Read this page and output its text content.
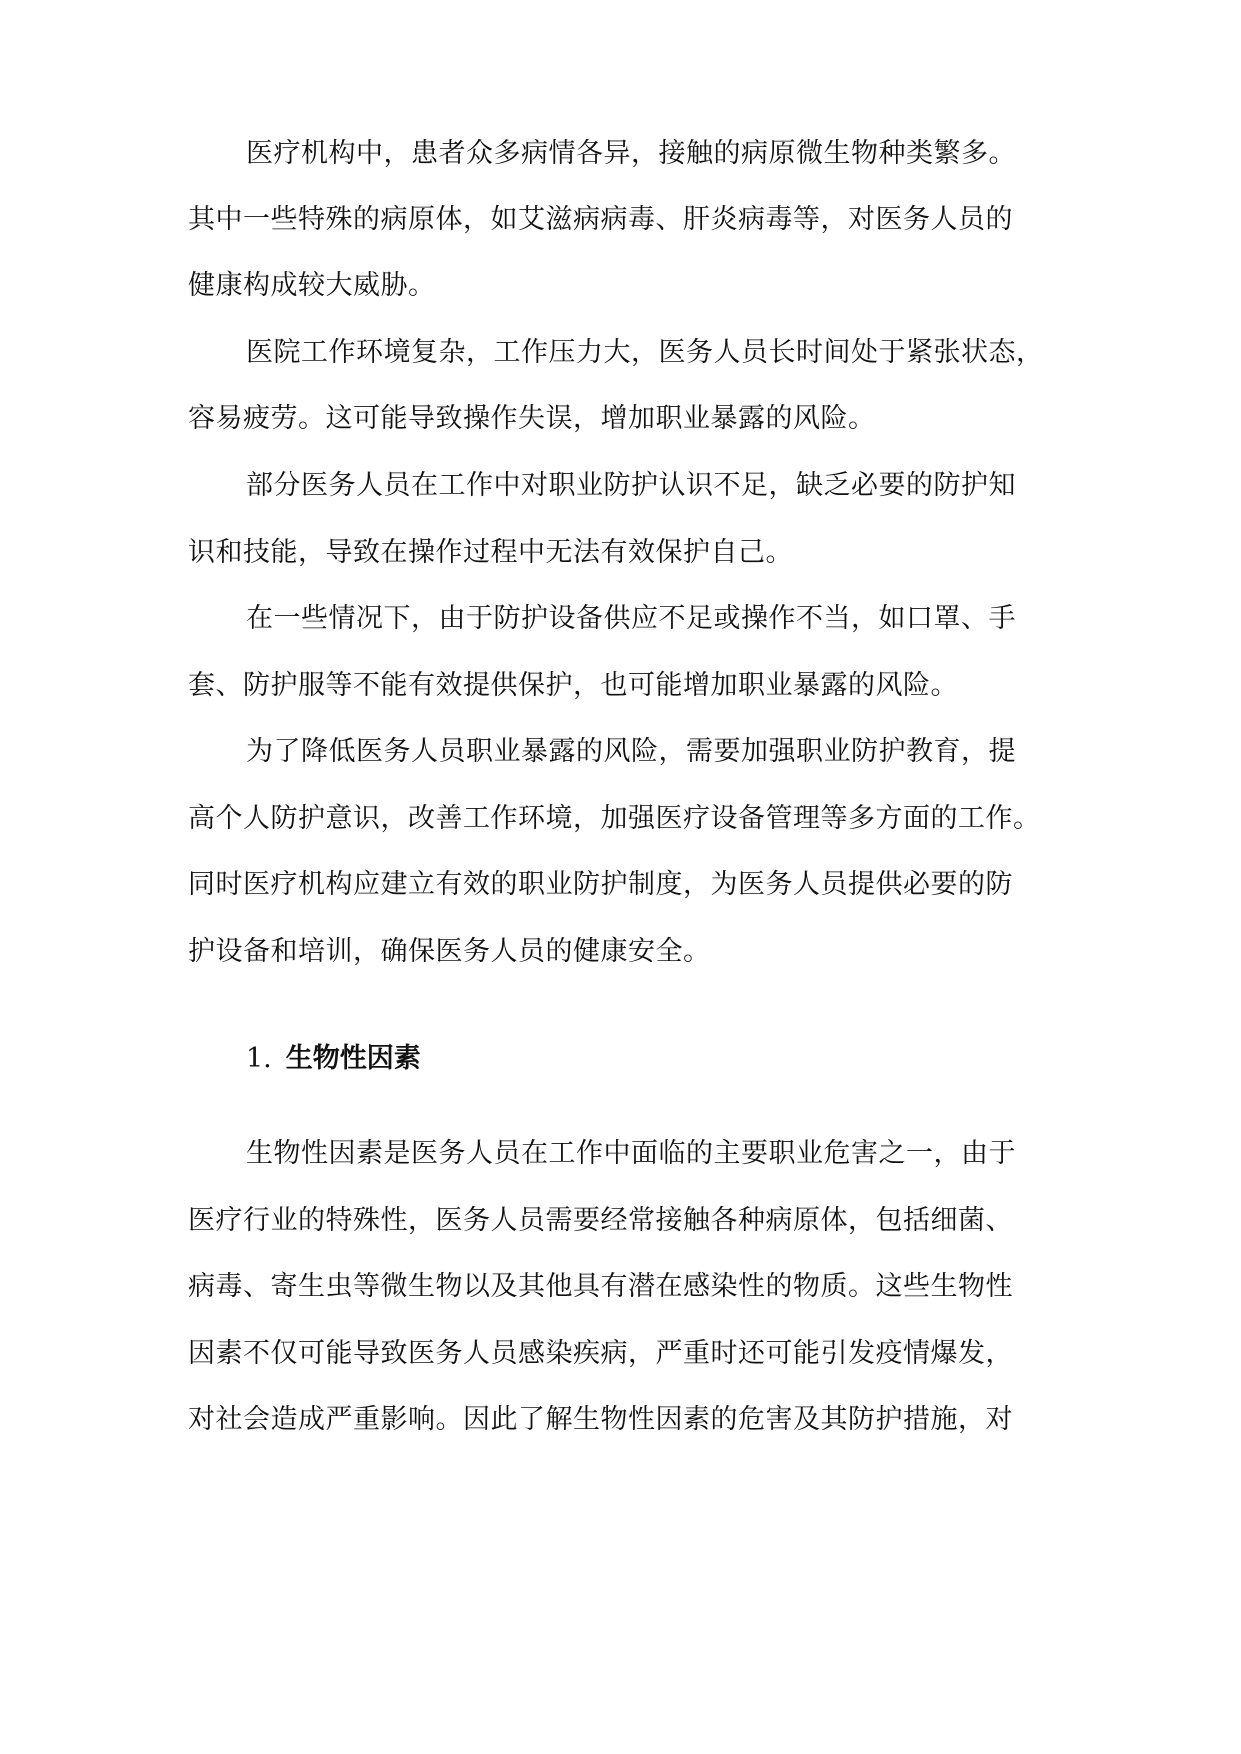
医疗机构中，患者众多病情各异，接触的病原微生物种类繁多。
其中一些特殊的病原体，如艾滋病病毒、肝炎病毒等，对医务人员的
健康构成较大威胁。
医院工作环境复杂，工作压力大，医务人员长时间处于紧张状态，
容易疲劳。这可能导致操作失误，增加职业暴露的风险。
部分医务人员在工作中对职业防护认识不足，缺乏必要的防护知
识和技能，导致在操作过程中无法有效保护自己。
在一些情况下，由于防护设备供应不足或操作不当，如口罩、手
套、防护服等不能有效提供保护，也可能增加职业暴露的风险。
为了降低医务人员职业暴露的风险，需要加强职业防护教育，提
高个人防护意识，改善工作环境，加强医疗设备管理等多方面的工作。
同时医疗机构应建立有效的职业防护制度，为医务人员提供必要的防
护设备和培训，确保医务人员的健康安全。
1. 生物性因素
生物性因素是医务人员在工作中面临的主要职业危害之一，由于
医疗行业的特殊性，医务人员需要经常接触各种病原体，包括细菌、
病毒、寄生虫等微生物以及其他具有潜在感染性的物质。这些生物性
因素不仅可能导致医务人员感染疾病，严重时还可能引发疫情爆发，
对社会造成严重影响。因此了解生物性因素的危害及其防护措施，对
